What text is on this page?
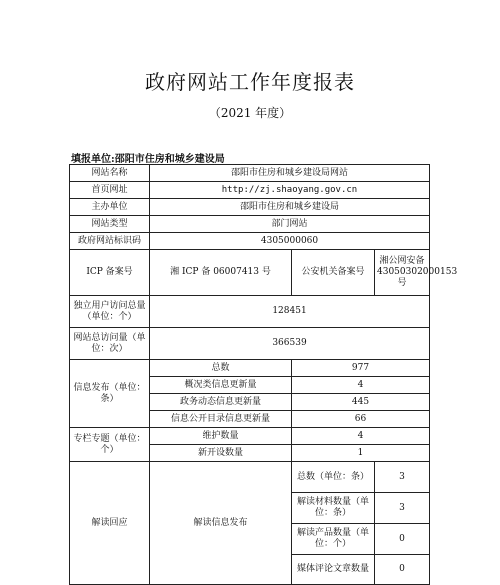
政府网站工作年度报表
（2021 年度）
填报单位:邵阳市住房和城乡建设局
网站名称	邵阳市住房和城乡建设局网站		
首页网址	http://zj.shaoyang.gov.cn		
主办单位	邵阳市住房和城乡建设局		
网站类型	部门网站		
政府网站标识码	4305000060		
ICP 备案号	湘 ICP 备 06007413 号	公安机关备案号	湘公网安备 43050302000153 号
独立用户访问总量（单位：个）	128451		
网站总访问量（单位：次）	366539		
信息发布（单位：条）	总数	977	
	概况类信息更新量	4	
	政务动态信息更新量	445	
	信息公开目录信息更新量	66	
专栏专题（单位：个）	维护数量	4	
	新开设数量	1	
解读回应	解读信息发布	总数（单位：条）	3
		解读材料数量（单位：条）	3
		解读产品数量（单位：个）	0
		媒体评论文章数量	0
